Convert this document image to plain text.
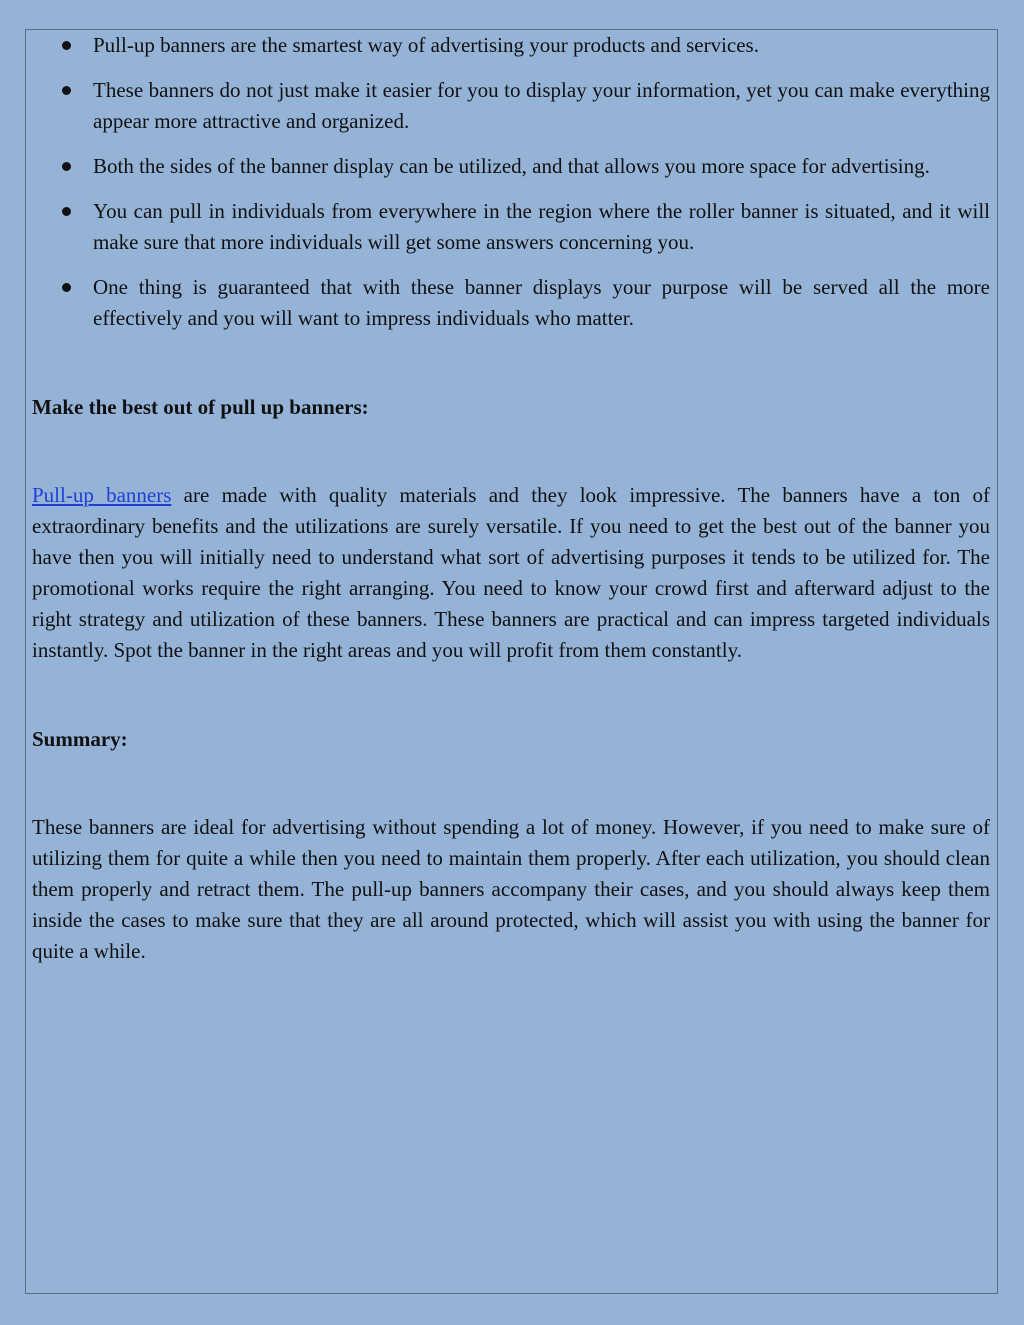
Pull-up banners are the smartest way of advertising your products and services.
These banners do not just make it easier for you to display your information, yet you can make everything appear more attractive and organized.
Both the sides of the banner display can be utilized, and that allows you more space for advertising.
You can pull in individuals from everywhere in the region where the roller banner is situated, and it will make sure that more individuals will get some answers concerning you.
One thing is guaranteed that with these banner displays your purpose will be served all the more effectively and you will want to impress individuals who matter.

Make the best out of pull up banners:

Pull-up banners are made with quality materials and they look impressive. The banners have a ton of extraordinary benefits and the utilizations are surely versatile. If you need to get the best out of the banner you have then you will initially need to understand what sort of advertising purposes it tends to be utilized for. The promotional works require the right arranging. You need to know your crowd first and afterward adjust to the right strategy and utilization of these banners. These banners are practical and can impress targeted individuals instantly. Spot the banner in the right areas and you will profit from them constantly.

Summary:

These banners are ideal for advertising without spending a lot of money. However, if you need to make sure of utilizing them for quite a while then you need to maintain them properly. After each utilization, you should clean them properly and retract them. The pull-up banners accompany their cases, and you should always keep them inside the cases to make sure that they are all around protected, which will assist you with using the banner for quite a while.
